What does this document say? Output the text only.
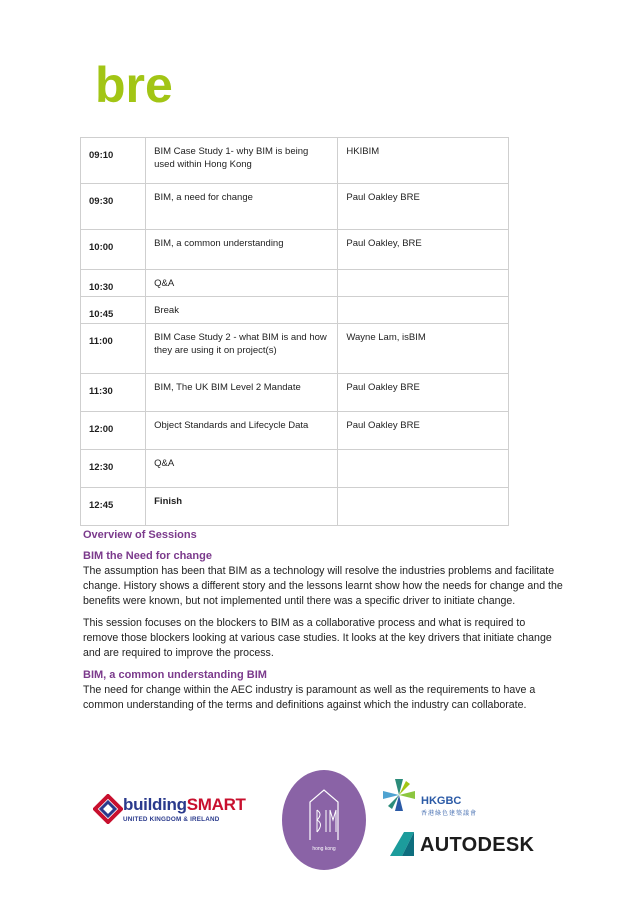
bre
09:10	BIM Case Study 1- why BIM is being used within Hong Kong	HKIBIM

09:30	BIM, a need for change	Paul Oakley BRE

10:00	BIM, a common understanding	Paul Oakley, BRE

10:30	Q&A	

10:45	Break	

11:00	BIM Case Study 2 - what BIM is and how they are using it on project(s)	Wayne Lam, isBIM

11:30	BIM, The UK BIM Level 2 Mandate	Paul Oakley BRE

12:00	Object Standards and Lifecycle Data	Paul Oakley BRE

12:30	Q&A	

12:45	Finish	

Overview of Sessions
BIM the Need for change

The assumption has been that BIM as a technology will resolve the industries problems and facilitate change. History shows a different story and the lessons learnt show how the needs for change and the benefits were known, but not implemented until there was a specific driver to initiate change.

This session focuses on the blockers to BIM as a collaborative process and what is required to remove those blockers looking at various case studies. It looks at the key drivers that initiate change and are required to improve the process.

BIM, a common understanding BIM

The need for change within the AEC industry is paramount as well as the requirements to have a common understanding of the terms and definitions against which the industry can collaborate.

buildingSMART
UNITED KINGDOM & IRELAND
hong kong
HKGBC
香港綠色建築議會
AUTODESK
